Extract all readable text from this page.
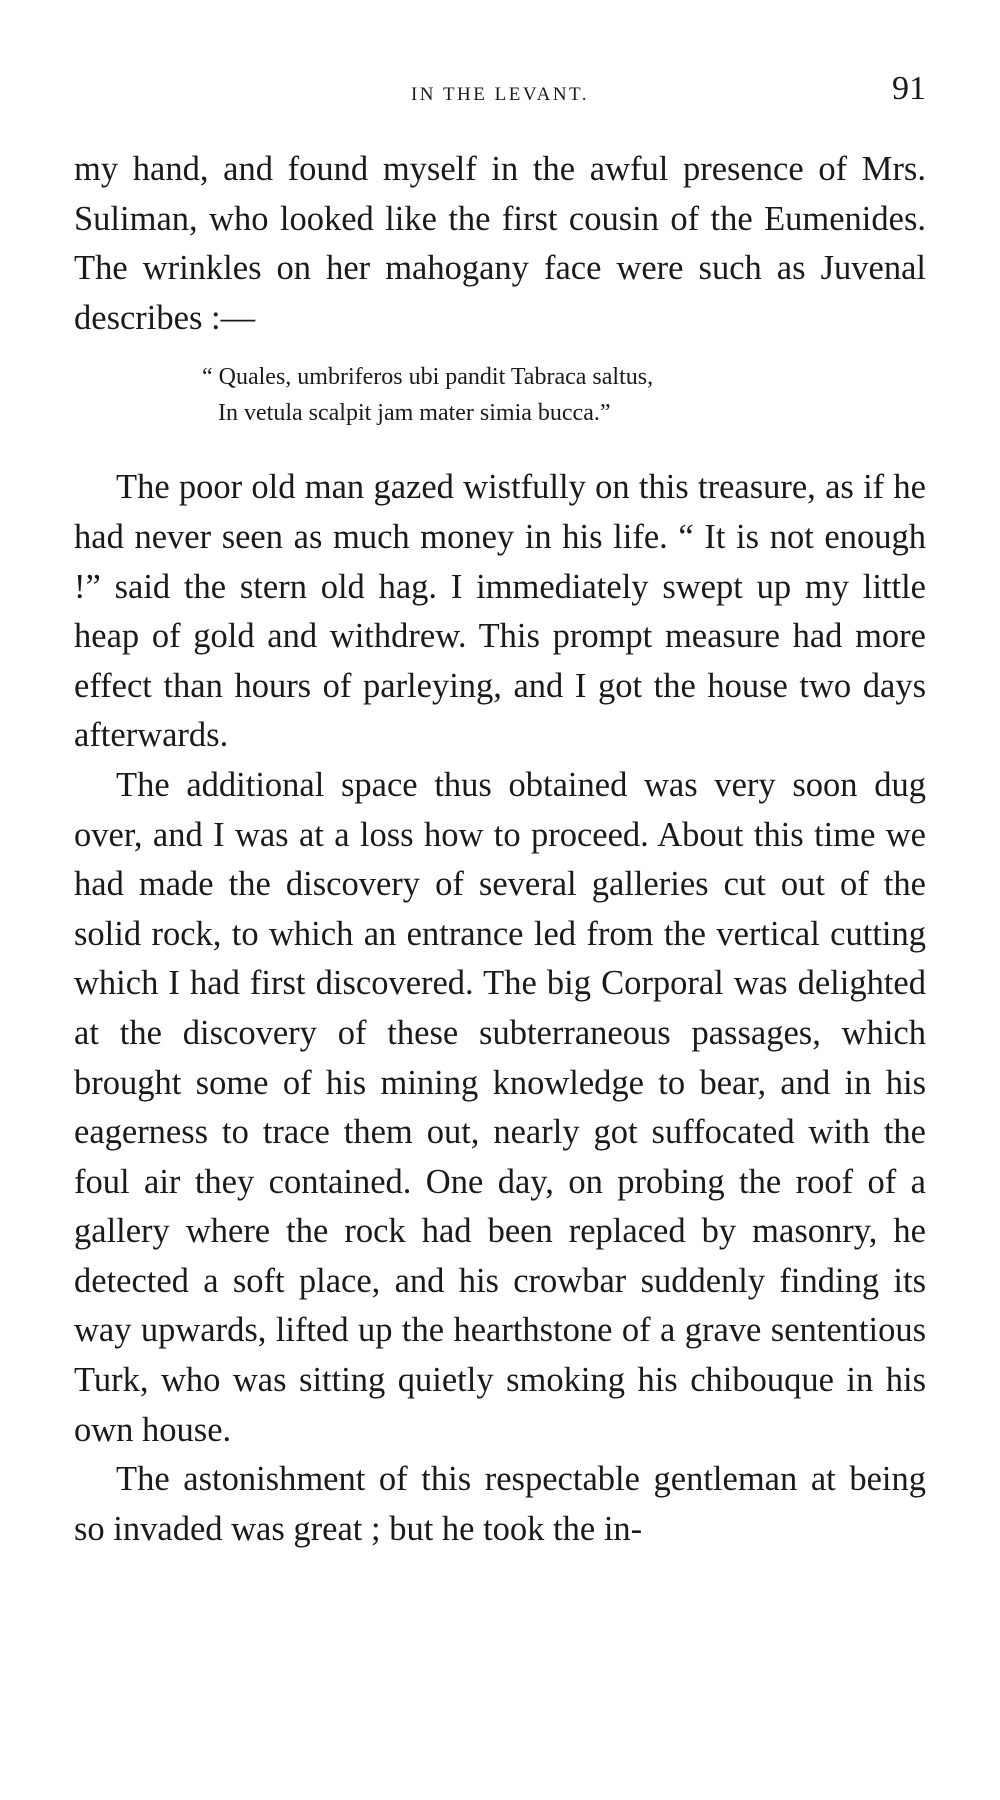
IN THE LEVANT.	91

my hand, and found myself in the awful presence of Mrs. Suliman, who looked like the first cousin of the Eumenides. The wrinkles on her mahogany face were such as Juvenal describes :—

“ Quales, umbriferos ubi pandit Tabraca saltus,
In vetula scalpit jam mater simia bucca.”

The poor old man gazed wistfully on this treasure, as if he had never seen as much money in his life. “ It is not enough !” said the stern old hag. I immediately swept up my little heap of gold and withdrew. This prompt measure had more effect than hours of parleying, and I got the house two days afterwards.

The additional space thus obtained was very soon dug over, and I was at a loss how to proceed. About this time we had made the discovery of several galleries cut out of the solid rock, to which an entrance led from the vertical cutting which I had first discovered. The big Corporal was delighted at the discovery of these subterraneous passages, which brought some of his mining knowledge to bear, and in his eagerness to trace them out, nearly got suffocated with the foul air they contained. One day, on probing the roof of a gallery where the rock had been replaced by masonry, he detected a soft place, and his crowbar suddenly finding its way upwards, lifted up the hearthstone of a grave sententious Turk, who was sitting quietly smoking his chibouque in his own house.

The astonishment of this respectable gentleman at being so invaded was great ; but he took the in-
